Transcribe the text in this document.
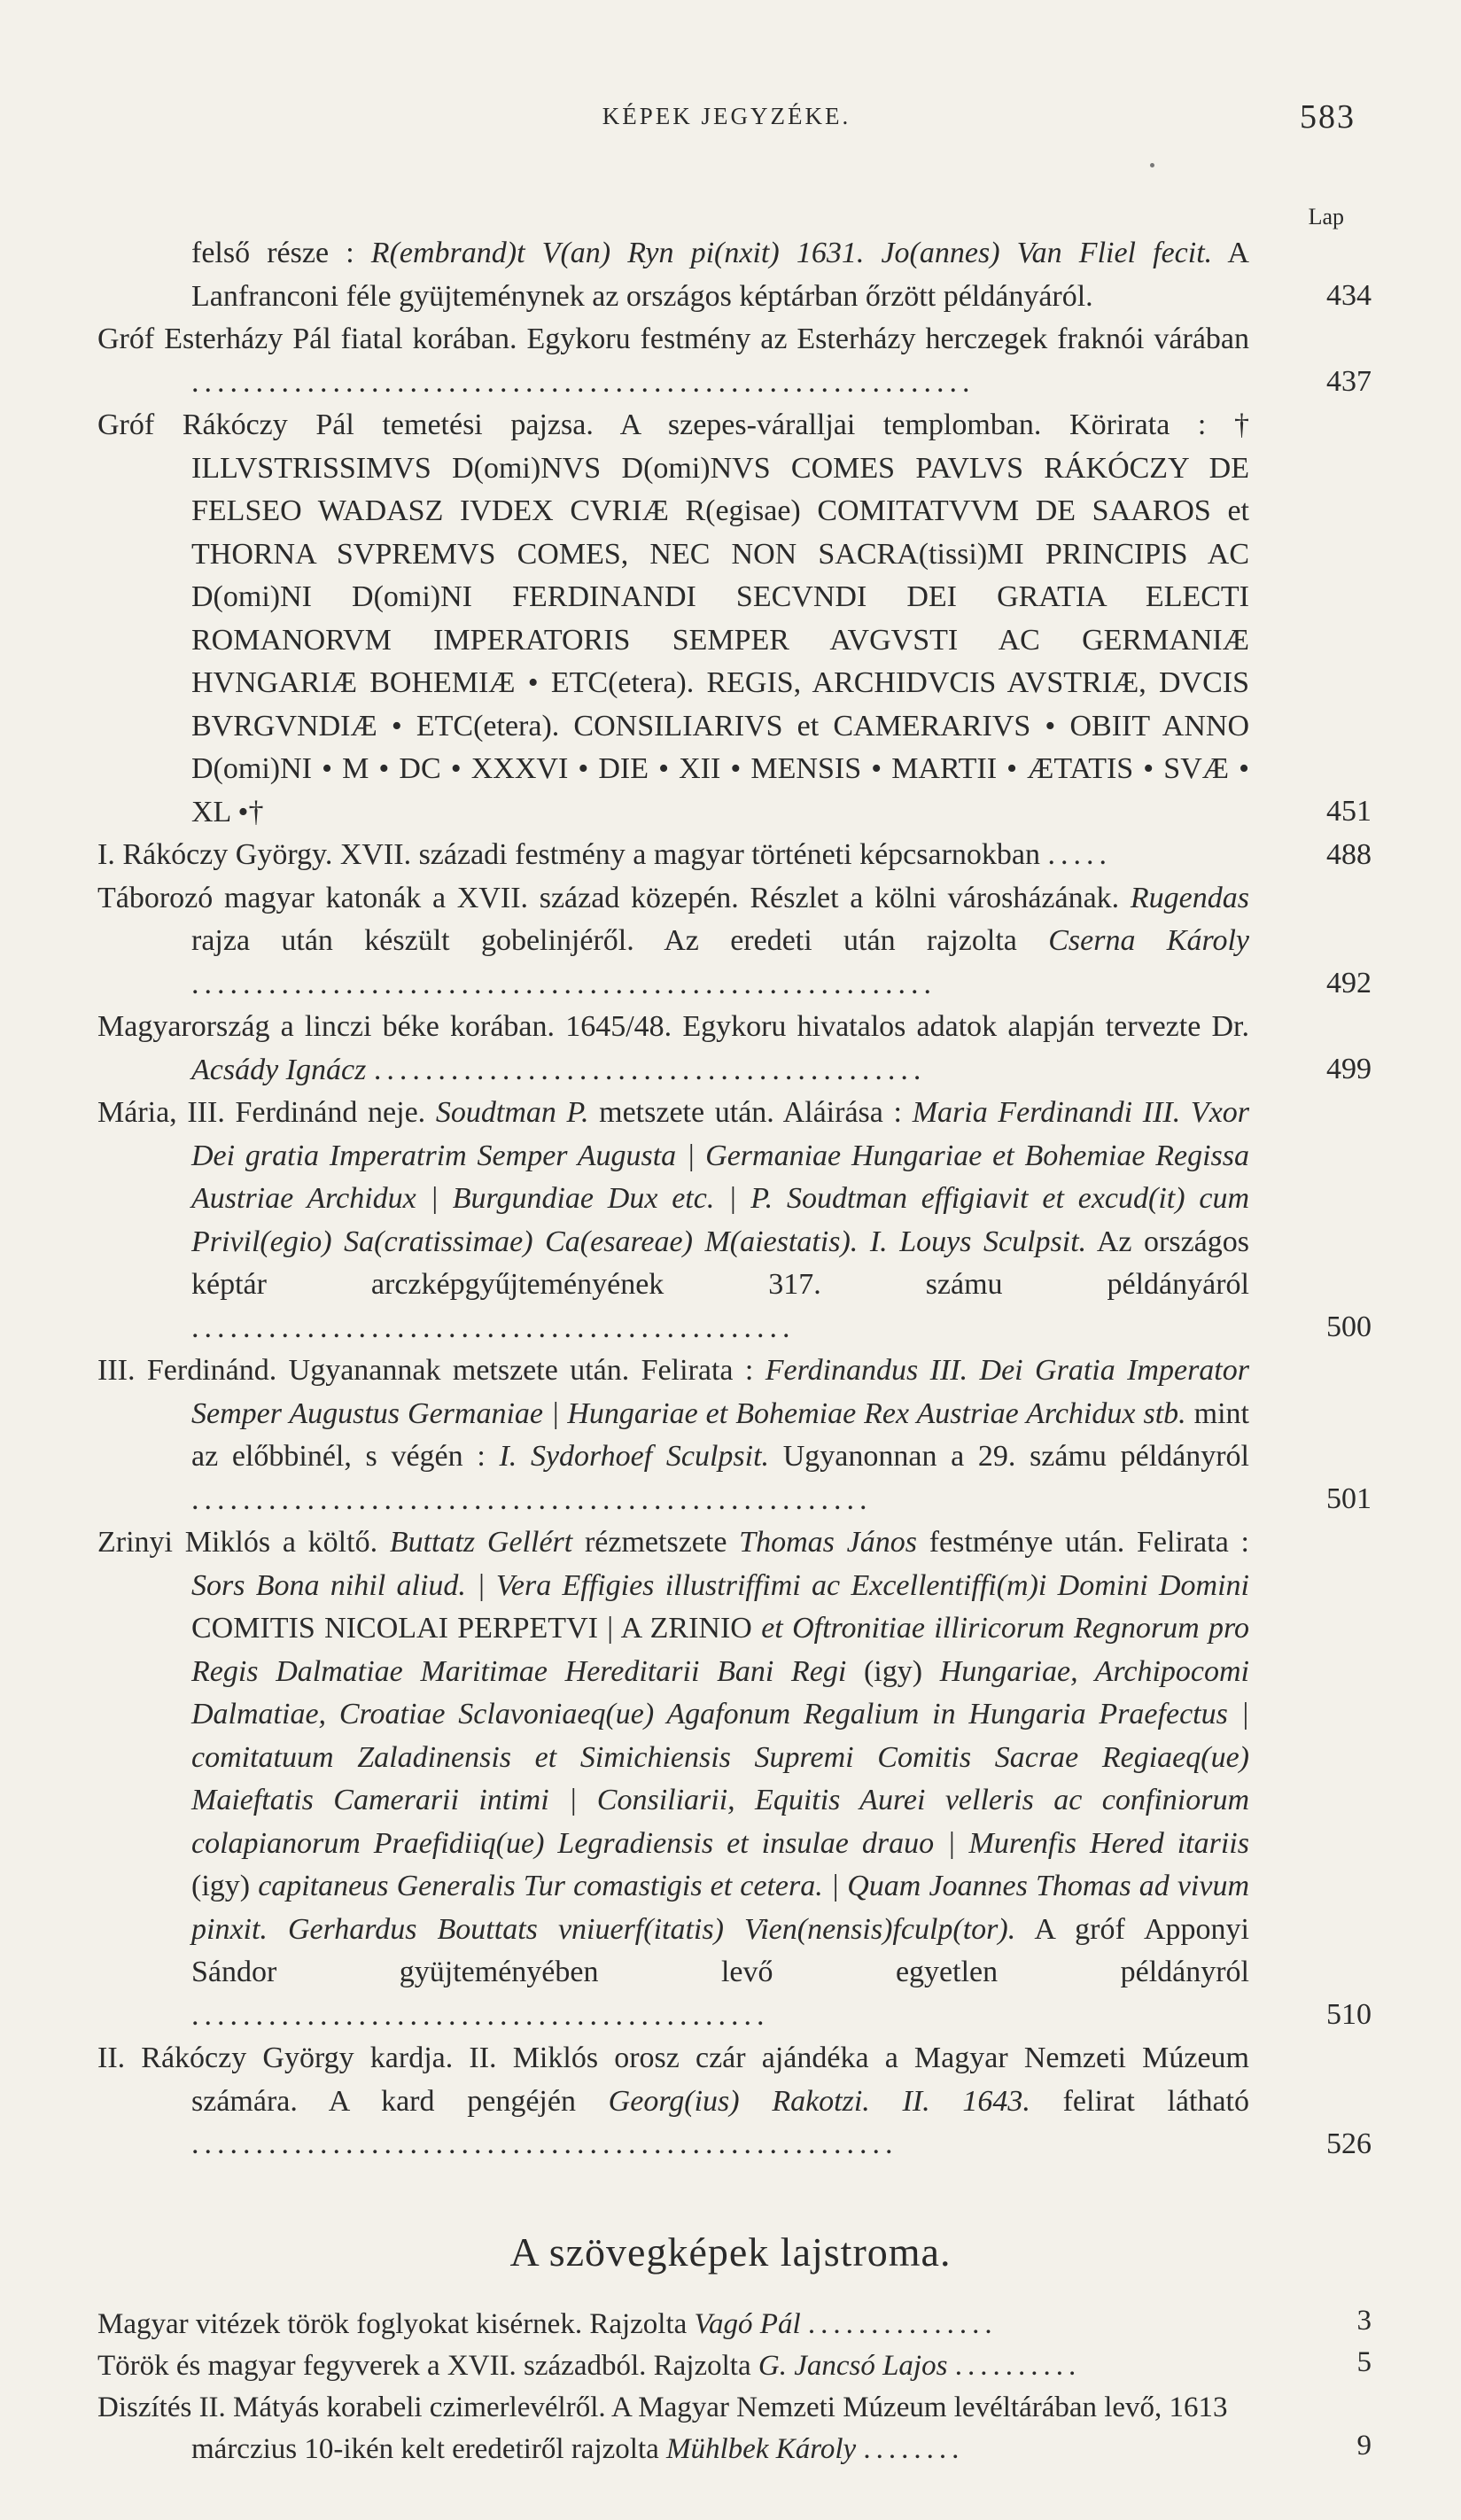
KÉPEK JEGYZÉKE.	583
Lap
felső része : R(embrand)t V(an) Ryn pi(nxit) 1631. Jo(annes) Van Fliel fecit. A Lanfranconi féle gyüjteménynek az országos képtárban őrzött példányáról.	434
Gróf Esterházy Pál fiatal korában. Egykoru festmény az Esterházy herczegek fraknói várában .............................................................	437
Gróf Rákóczy Pál temetési pajzsa. A szepes-váralljai templomban. Körirata : † ILLVSTRISSIMVS D(omi)NVS D(omi)NVS COMES PAVLVS RÁKÓCZY DE FELSEO WADASZ IVDEX CVRIÆ R(egisae) COMITATVVM DE SAAROS et THORNA SVPREMVS COMES, NEC NON SACRA(tissi)MI PRINCIPIS AC D(omi)NI D(omi)NI FERDINANDI SECVNDI DEI GRATIA ELECTI ROMANORVM IMPERATORIS SEMPER AVGVSTI AC GERMANIÆ HVNGARIÆ BOHEMIÆ • ETC(etera). REGIS, ARCHIDVCIS AVSTRIÆ, DVCIS BVRGVNDIÆ • ETC(etera). CONSILIARIVS et CAMERARIVS • OBIIT ANNO D(omi)NI • M • DC • XXXVI • DIE • XII • MENSIS • MARTII • ÆTATIS • SVÆ • XL •†	451
I. Rákóczy György. XVII. századi festmény a magyar történeti képcsarnokban .....	488
Táborozó magyar katonák a XVII. század közepén. Részlet a kölni városházának. Rugendas rajza után készült gobelinjéről. Az eredeti után rajzolta Cserna Károly ..........................................................	492
Magyarország a linczi béke korában. 1645/48. Egykoru hivatalos adatok alapján tervezte Dr. Acsády Ignácz ...........................................	499
Mária, III. Ferdinánd neje. Soudtman P. metszete után. Aláirása : Maria Ferdinandi III. Vxor Dei gratia Imperatrim Semper Augusta | Germaniae Hungariae et Bohemiae Regissa Austriae Archidux | Burgundiae Dux etc. | P. Soudtman effigiavit et excud(it) cum Privil(egio) Sa(cratissimae) Ca(esareae) M(aiestatis). I. Louys Sculpsit. Az országos képtár arczképgyűjteményének 317. számu példányáról ...............................................	500
III. Ferdinánd. Ugyanannak metszete után. Felirata : Ferdinandus III. Dei Gratia Imperator Semper Augustus Germaniae | Hungariae et Bohemiae Rex Austriae Archidux stb. mint az előbbinél, s végén : I. Sydorhoef Sculpsit. Ugyanonnan a 29. számu példányról .....................................................	501
Zrinyi Miklós a költő. Buttatz Gellért rézmetszete Thomas János festménye után. Felirata : Sors Bona nihil aliud. | Vera Effigies illustriffimi ac Excellentiffi(m)i Domini Domini COMITIS NICOLAI PERPETVI | A ZRINIO et Oftronitiae illiricorum Regnorum pro Regis Dalmatiae Maritimae Hereditarii Bani Regi (igy) Hungariae, Archipocomi Dalmatiae, Croatiae Sclavoniaeq(ue) Agafonum Regalium in Hungaria Praefectus | comitatuum Zaladinensis et Simichiensis Supremi Comitis Sacrae Regiaeq(ue) Maieftatis Camerarii intimi | Consiliarii, Equitis Aurei velleris ac confiniorum colapianorum Praefidiiq(ue) Legradiensis et insulae drauo | Murenfis Hered itariis (igy) capitaneus Generalis Tur comastigis et cetera. | Quam Joannes Thomas ad vivum pinxit. Gerhardus Bouttats vniuerf(itatis) Vien(nensis)fculp(tor). A gróf Apponyi Sándor gyüjteményében levő egyetlen példányról .............................................	510
II. Rákóczy György kardja. II. Miklós orosz czár ajándéka a Magyar Nemzeti Múzeum számára. A kard pengéjén Georg(ius) Rakotzi. II. 1643. felirat látható .......................................................	526
A szövegképek lajstroma.
Magyar vitézek török foglyokat kisérnek. Rajzolta Vagó Pál ...............	3
Török és magyar fegyverek a XVII. századból. Rajzolta G. Jancsó Lajos ..........	5
Diszítés II. Mátyás korabeli czimerlevélről. A Magyar Nemzeti Múzeum levéltárában levő, 1613 márczius 10-ikén kelt eredetiről rajzolta Mühlbek Károly ........	9
